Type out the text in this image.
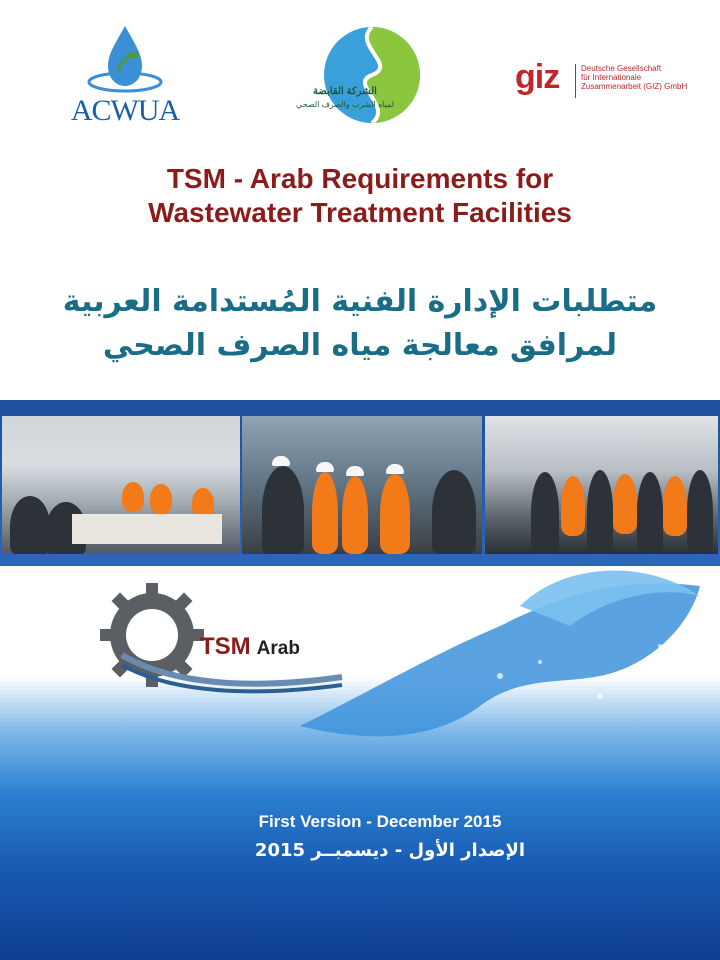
ACWUA
الشركة القابضة
لمياه الشرب والصرف الصحي
giz	Deutsche Gesellschaft
für Internationale
Zusammenarbeit (GIZ) GmbH
TSM - Arab Requirements for
Wastewater Treatment Facilities
متطلبات الإدارة الفنية المُستدامة العربية
لمرافق معالجة مياه الصرف الصحي
TSM Arab
First Version - December 2015
الإصدار الأول - ديسمبــر 2015
